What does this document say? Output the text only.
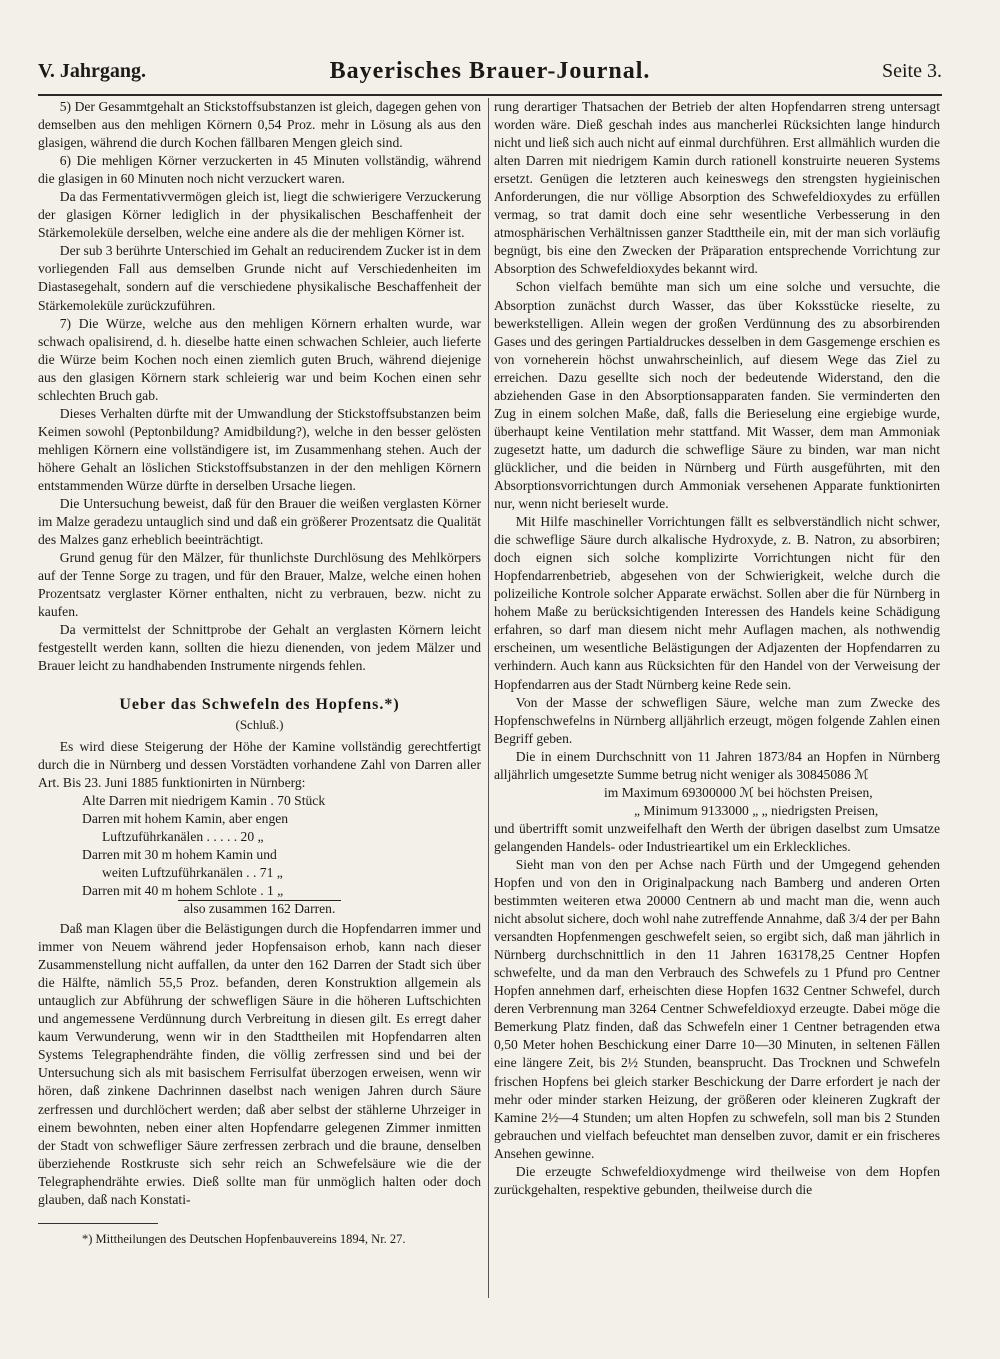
V. Jahrgang.	Bayerisches Brauer-Journal.	Seite 3.

5) Der Gesammtgehalt an Stickstoffsubstanzen ist gleich, dagegen gehen von demselben aus den mehligen Körnern 0,54 Proz. mehr in Lösung als aus den glasigen, während die durch Kochen fällbaren Mengen gleich sind.

6) Die mehligen Körner verzuckerten in 45 Minuten vollständig, während die glasigen in 60 Minuten noch nicht verzuckert waren.

Da das Fermentativvermögen gleich ist, liegt die schwierigere Verzuckerung der glasigen Körner lediglich in der physikalischen Beschaffenheit der Stärkemoleküle derselben, welche eine andere als die der mehligen Körner ist.

Der sub 3 berührte Unterschied im Gehalt an reducirendem Zucker ist in dem vorliegenden Fall aus demselben Grunde nicht auf Verschiedenheiten im Diastasegehalt, sondern auf die verschiedene physikalische Beschaffenheit der Stärkemoleküle zurückzuführen.

7) Die Würze, welche aus den mehligen Körnern erhalten wurde, war schwach opalisirend, d. h. dieselbe hatte einen schwachen Schleier, auch lieferte die Würze beim Kochen noch einen ziemlich guten Bruch, während diejenige aus den glasigen Körnern stark schleierig war und beim Kochen einen sehr schlechten Bruch gab.

Dieses Verhalten dürfte mit der Umwandlung der Stickstoffsubstanzen beim Keimen sowohl (Peptonbildung? Amidbildung?), welche in den besser gelösten mehligen Körnern eine vollständigere ist, im Zusammenhang stehen. Auch der höhere Gehalt an löslichen Stickstoffsubstanzen in der den mehligen Körnern entstammenden Würze dürfte in derselben Ursache liegen.

Die Untersuchung beweist, daß für den Brauer die weißen verglasten Körner im Malze geradezu untauglich sind und daß ein größerer Prozentsatz die Qualität des Malzes ganz erheblich beeinträchtigt.

Grund genug für den Mälzer, für thunlichste Durchlösung des Mehlkörpers auf der Tenne Sorge zu tragen, und für den Brauer, Malze, welche einen hohen Prozentsatz verglaster Körner enthalten, nicht zu verbrauen, bezw. nicht zu kaufen.

Da vermittelst der Schnittprobe der Gehalt an verglasten Körnern leicht festgestellt werden kann, sollten die hiezu dienenden, von jedem Mälzer und Brauer leicht zu handhabenden Instrumente nirgends fehlen.

Ueber das Schwefeln des Hopfens.*)
(Schluß.)

Es wird diese Steigerung der Höhe der Kamine vollständig gerechtfertigt durch die in Nürnberg und dessen Vorstädten vorhandene Zahl von Darren aller Art. Bis 23. Juni 1885 funktionirten in Nürnberg:

Alte Darren mit niedrigem Kamin . 70 Stück
Darren mit hohem Kamin, aber engen
Luftzuführkanälen . . . . . 20 „
Darren mit 30 m hohem Kamin und
weiten Luftzuführkanälen . . 71 „
Darren mit 40 m hohem Schlote . 1 „
also zusammen 162 Darren.

Daß man Klagen über die Belästigungen durch die Hopfendarren immer und immer von Neuem während jeder Hopfensaison erhob, kann nach dieser Zusammenstellung nicht auffallen, da unter den 162 Darren der Stadt sich über die Hälfte, nämlich 55,5 Proz. befanden, deren Konstruktion allgemein als untauglich zur Abführung der schwefligen Säure in die höheren Luftschichten und angemessene Verdünnung durch Verbreitung in diesen gilt. Es erregt daher kaum Verwunderung, wenn wir in den Stadttheilen mit Hopfendarren alten Systems Telegraphendrähte finden, die völlig zerfressen sind und bei der Untersuchung sich als mit basischem Ferrisulfat überzogen erweisen, wenn wir hören, daß zinkene Dachrinnen daselbst nach wenigen Jahren durch Säure zerfressen und durchlöchert werden; daß aber selbst der stählerne Uhrzeiger in einem bewohnten, neben einer alten Hopfendarre gelegenen Zimmer inmitten der Stadt von schwefliger Säure zerfressen zerbrach und die braune, denselben überziehende Rostkruste sich sehr reich an Schwefelsäure wie die der Telegraphendrähte erwies. Dieß sollte man für unmöglich halten oder doch glauben, daß nach Konstati-

*) Mittheilungen des Deutschen Hopfenbauvereins 1894, Nr. 27.

rung derartiger Thatsachen der Betrieb der alten Hopfendarren streng untersagt worden wäre. Dieß geschah indes aus mancherlei Rücksichten lange hindurch nicht und ließ sich auch nicht auf einmal durchführen. Erst allmählich wurden die alten Darren mit niedrigem Kamin durch rationell konstruirte neueren Systems ersetzt. Genügen die letzteren auch keineswegs den strengsten hygieinischen Anforderungen, die nur völlige Absorption des Schwefeldioxydes zu erfüllen vermag, so trat damit doch eine sehr wesentliche Verbesserung in den atmosphärischen Verhältnissen ganzer Stadttheile ein, mit der man sich vorläufig begnügt, bis eine den Zwecken der Präparation entsprechende Vorrichtung zur Absorption des Schwefeldioxydes bekannt wird.

Schon vielfach bemühte man sich um eine solche und versuchte, die Absorption zunächst durch Wasser, das über Koksstücke rieselte, zu bewerkstelligen. Allein wegen der großen Verdünnung des zu absorbirenden Gases und des geringen Partialdruckes desselben in dem Gasgemenge erschien es von vorneherein höchst unwahrscheinlich, auf diesem Wege das Ziel zu erreichen. Dazu gesellte sich noch der bedeutende Widerstand, den die abziehenden Gase in den Absorptionsapparaten fanden. Sie verminderten den Zug in einem solchen Maße, daß, falls die Berieselung eine ergiebige wurde, überhaupt keine Ventilation mehr stattfand. Mit Wasser, dem man Ammoniak zugesetzt hatte, um dadurch die schweflige Säure zu binden, war man nicht glücklicher, und die beiden in Nürnberg und Fürth ausgeführten, mit den Absorptionsvorrichtungen durch Ammoniak versehenen Apparate funktionirten nur, wenn nicht berieselt wurde.

Mit Hilfe maschineller Vorrichtungen fällt es selbverständlich nicht schwer, die schweflige Säure durch alkalische Hydroxyde, z. B. Natron, zu absorbiren; doch eignen sich solche komplizirte Vorrichtungen nicht für den Hopfendarrenbetrieb, abgesehen von der Schwierigkeit, welche durch die polizeiliche Kontrole solcher Apparate erwächst. Sollen aber die für Nürnberg in hohem Maße zu berücksichtigenden Interessen des Handels keine Schädigung erfahren, so darf man diesem nicht mehr Auflagen machen, als nothwendig erscheinen, um wesentliche Belästigungen der Adjazenten der Hopfendarren zu verhindern. Auch kann aus Rücksichten für den Handel von der Verweisung der Hopfendarren aus der Stadt Nürnberg keine Rede sein.

Von der Masse der schwefligen Säure, welche man zum Zwecke des Hopfenschwefelns in Nürnberg alljährlich erzeugt, mögen folgende Zahlen einen Begriff geben.

Die in einem Durchschnitt von 11 Jahren 1873/84 an Hopfen in Nürnberg alljährlich umgesetzte Summe betrug nicht weniger als 30845086 ℳ

im Maximum 69300000 ℳ bei höchsten Preisen,
„ Minimum 9133000 „ „ niedrigsten Preisen,

und übertrifft somit unzweifelhaft den Werth der übrigen daselbst zum Umsatze gelangenden Handels- oder Industrieartikel um ein Erkleckliches.

Sieht man von den per Achse nach Fürth und der Umgegend gehenden Hopfen und von den in Originalpackung nach Bamberg und anderen Orten bestimmten weiteren etwa 20000 Centnern ab und macht man die, wenn auch nicht absolut sichere, doch wohl nahe zutreffende Annahme, daß 3/4 der per Bahn versandten Hopfenmengen geschwefelt seien, so ergibt sich, daß man jährlich in Nürnberg durchschnittlich in den 11 Jahren 163178,25 Centner Hopfen schwefelte, und da man den Verbrauch des Schwefels zu 1 Pfund pro Centner Hopfen annehmen darf, erheischten diese Hopfen 1632 Centner Schwefel, durch deren Verbrennung man 3264 Centner Schwefeldioxyd erzeugte. Dabei möge die Bemerkung Platz finden, daß das Schwefeln einer 1 Centner betragenden etwa 0,50 Meter hohen Beschickung einer Darre 10—30 Minuten, in seltenen Fällen eine längere Zeit, bis 2½ Stunden, beansprucht. Das Trocknen und Schwefeln frischen Hopfens bei gleich starker Beschickung der Darre erfordert je nach der mehr oder minder starken Heizung, der größeren oder kleineren Zugkraft der Kamine 2½—4 Stunden; um alten Hopfen zu schwefeln, soll man bis 2 Stunden gebrauchen und vielfach befeuchtet man denselben zuvor, damit er ein frischeres Ansehen gewinne.

Die erzeugte Schwefeldioxydmenge wird theilweise von dem Hopfen zurückgehalten, respektive gebunden, theilweise durch die
